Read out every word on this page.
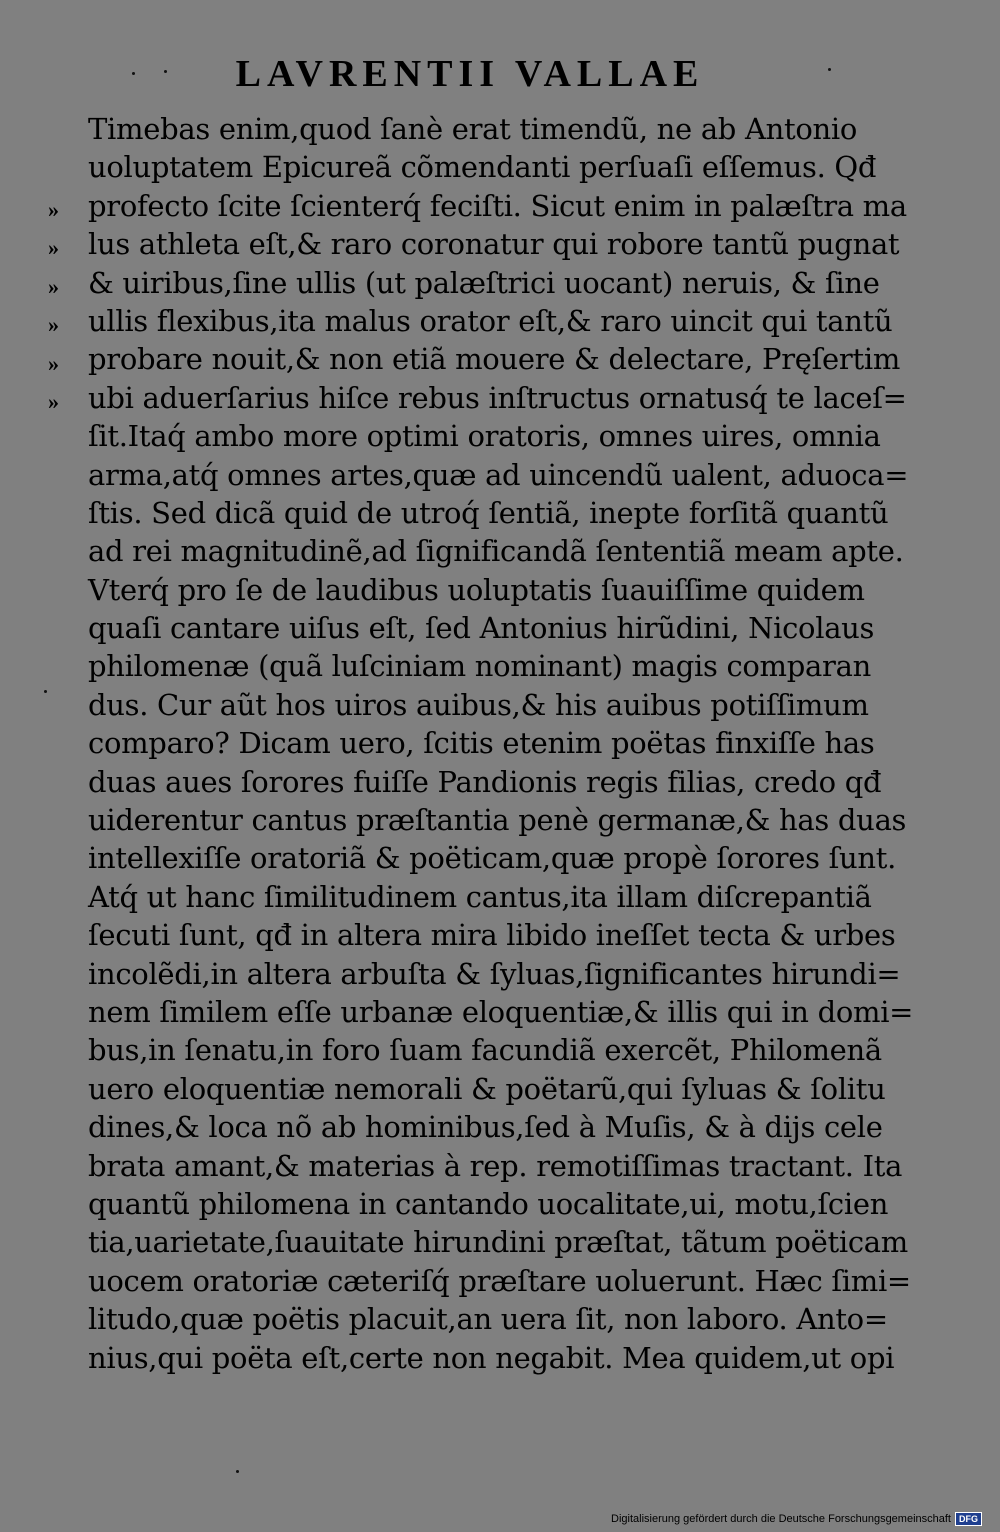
LAVRENTII VALLAE
»
»
»
»
»
»
Timebas enim,quod ſanè erat timendũ, ne ab Antonio
uoluptatem Epicureã cõmendanti perſuaſi eſſemus. Qđ
profecto ſcite ſcienterq́ feciſti. Sicut enim in palæſtra ma
lus athleta eſt,& raro coronatur qui robore tantũ pugnat
& uiribus,ſine ullis (ut palæſtrici uocant) neruis, & ſine
ullis flexibus,ita malus orator eſt,& raro uincit qui tantũ
probare nouit,& non etiã mouere & delectare, Pręſertim
ubi aduerſarius hiſce rebus inſtructus ornatusq́ te laceſ=
ſit.Itaq́ ambo more optimi oratoris, omnes uires, omnia
arma,atq́ omnes artes,quæ ad uincendũ ualent, aduoca=
ſtis. Sed dicã quid de utroq́ ſentiã, inepte forſitã quantũ
ad rei magnitudinẽ,ad ſignificandã ſententiã meam apte.
Vterq́ pro ſe de laudibus uoluptatis ſuauiſſime quidem
quaſi cantare uiſus eſt, ſed Antonius hirũdini, Nicolaus
philomenæ (quã luſciniam nominant) magis comparan
dus. Cur aũt hos uiros auibus,& his auibus potiſſimum
comparo? Dicam uero, ſcitis etenim poëtas finxiſſe has
duas aues ſorores fuiſſe Pandionis regis filias, credo qđ
uiderentur cantus præſtantia penè germanæ,& has duas
intellexiſſe oratoriã & poëticam,quæ propè ſorores ſunt.
Atq́ ut hanc ſimilitudinem cantus,ita illam diſcrepantiã
ſecuti ſunt, qđ in altera mira libido ineſſet tecta & urbes
incolẽdi,in altera arbuſta & ſyluas,ſignificantes hirundi=
nem ſimilem eſſe urbanæ eloquentiæ,& illis qui in domi=
bus,in ſenatu,in foro ſuam facundiã exercẽt, Philomenã
uero eloquentiæ nemorali & poëtarũ,qui ſyluas & ſolitu
dines,& loca nõ ab hominibus,ſed à Muſis, & à dijs cele
brata amant,& materias à rep. remotiſſimas tractant. Ita
quantũ philomena in cantando uocalitate,ui, motu,ſcien
tia,uarietate,ſuauitate hirundini præſtat, tãtum poëticam
uocem oratoriæ cæteriſq́ præſtare uoluerunt. Hæc ſimi=
litudo,quæ poëtis placuit,an uera ſit, non laboro. Anto=
nius,qui poëta eſt,certe non negabit. Mea quidem,ut opi
Digitalisierung gefördert durch die Deutsche Forschungsgemeinschaft DFG
